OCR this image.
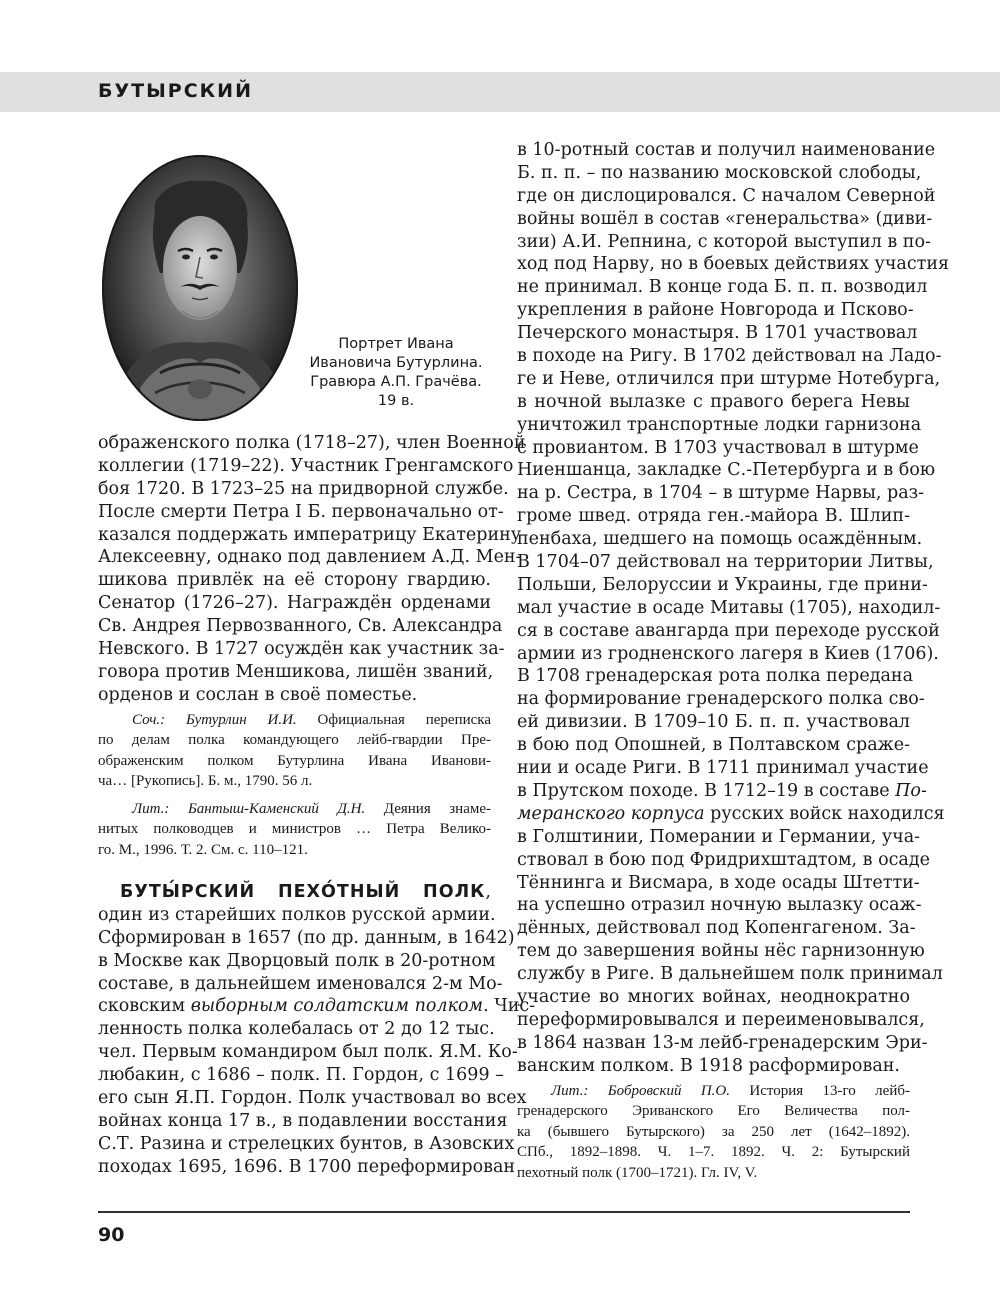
БУТЫРСКИЙ
Портрет Ивана
Ивановича Бутурлина.
Гравюра А.П. Грачёва.
19 в.
ображенского полка (1718–27), член Военной
коллегии (1719–22). Участник Гренгамского
боя 1720. В 1723–25 на придворной службе.
После смерти Петра I Б. первоначально от-
казался поддержать императрицу Екатерину
Алексеевну, однако под давлением А.Д. Мен-
шикова привлёк на её сторону гвардию.
Сенатор (1726–27). Награждён орденами
Св. Андрея Первозванного, Св. Александра
Невского. В 1727 осуждён как участник за-
говора против Меншикова, лишён званий,
орденов и сослан в своё поместье.
Соч.: Бутурлин И.И. Официальная переписка
по делам полка командующего лейб-гвардии Пре-
ображенским полком Бутурлина Ивана Иванови-
ча… [Рукопись]. Б. м., 1790. 56 л.
Лит.: Бантыш-Каменский Д.Н. Деяния знаме-
нитых полководцев и министров … Петра Велико-
го. М., 1996. Т. 2. См. с. 110–121.
БУТЫ́РСКИЙ ПЕХО́ТНЫЙ ПОЛК,
один из старейших полков русской армии.
Сформирован в 1657 (по др. данным, в 1642)
в Москве как Дворцовый полк в 20-ротном
составе, в дальнейшем именовался 2-м Мо-
сковским выборным солдатским полком. Чис-
ленность полка колебалась от 2 до 12 тыс.
чел. Первым командиром был полк. Я.М. Ко-
любакин, с 1686 – полк. П. Гордон, с 1699 –
его сын Я.П. Гордон. Полк участвовал во всех
войнах конца 17 в., в подавлении восстания
С.Т. Разина и стрелецких бунтов, в Азовских
походах 1695, 1696. В 1700 переформирован
в 10-ротный состав и получил наименование
Б. п. п. – по названию московской слободы,
где он дислоцировался. С началом Северной
войны вошёл в состав «генеральства» (диви-
зии) А.И. Репнина, с которой выступил в по-
ход под Нарву, но в боевых действиях участия
не принимал. В конце года Б. п. п. возводил
укрепления в районе Новгорода и Псково-
Печерского монастыря. В 1701 участвовал
в походе на Ригу. В 1702 действовал на Ладо-
ге и Неве, отличился при штурме Нотебурга,
в ночной вылазке с правого берега Невы
уничтожил транспортные лодки гарнизона
с провиантом. В 1703 участвовал в штурме
Ниеншанца, закладке С.-Петербурга и в бою
на р. Сестра, в 1704 – в штурме Нарвы, раз-
громе швед. отряда ген.-майора В. Шлип-
пенбаха, шедшего на помощь осаждённым.
В 1704–07 действовал на территории Литвы,
Польши, Белоруссии и Украины, где прини-
мал участие в осаде Митавы (1705), находил-
ся в составе авангарда при переходе русской
армии из гродненского лагеря в Киев (1706).
В 1708 гренадерская рота полка передана
на формирование гренадерского полка сво-
ей дивизии. В 1709–10 Б. п. п. участвовал
в бою под Опошней, в Полтавском сраже-
нии и осаде Риги. В 1711 принимал участие
в Прутском походе. В 1712–19 в составе По-
меранского корпуса русских войск находился
в Голштинии, Померании и Германии, уча-
ствовал в бою под Фридрихштадтом, в осаде
Тённинга и Висмара, в ходе осады Штетти-
на успешно отразил ночную вылазку осаж-
дённых, действовал под Копенгагеном. За-
тем до завершения войны нёс гарнизонную
службу в Риге. В дальнейшем полк принимал
участие во многих войнах, неоднократно
переформировывался и переименовывался,
в 1864 назван 13-м лейб-гренадерским Эри-
ванским полком. В 1918 расформирован.
Лит.: Бобровский П.О. История 13-го лейб-
гренадерского Эриванского Его Величества пол-
ка (бывшего Бутырского) за 250 лет (1642–1892).
СПб., 1892–1898. Ч. 1–7. 1892. Ч. 2: Бутырский
пехотный полк (1700–1721). Гл. IV, V.
90
